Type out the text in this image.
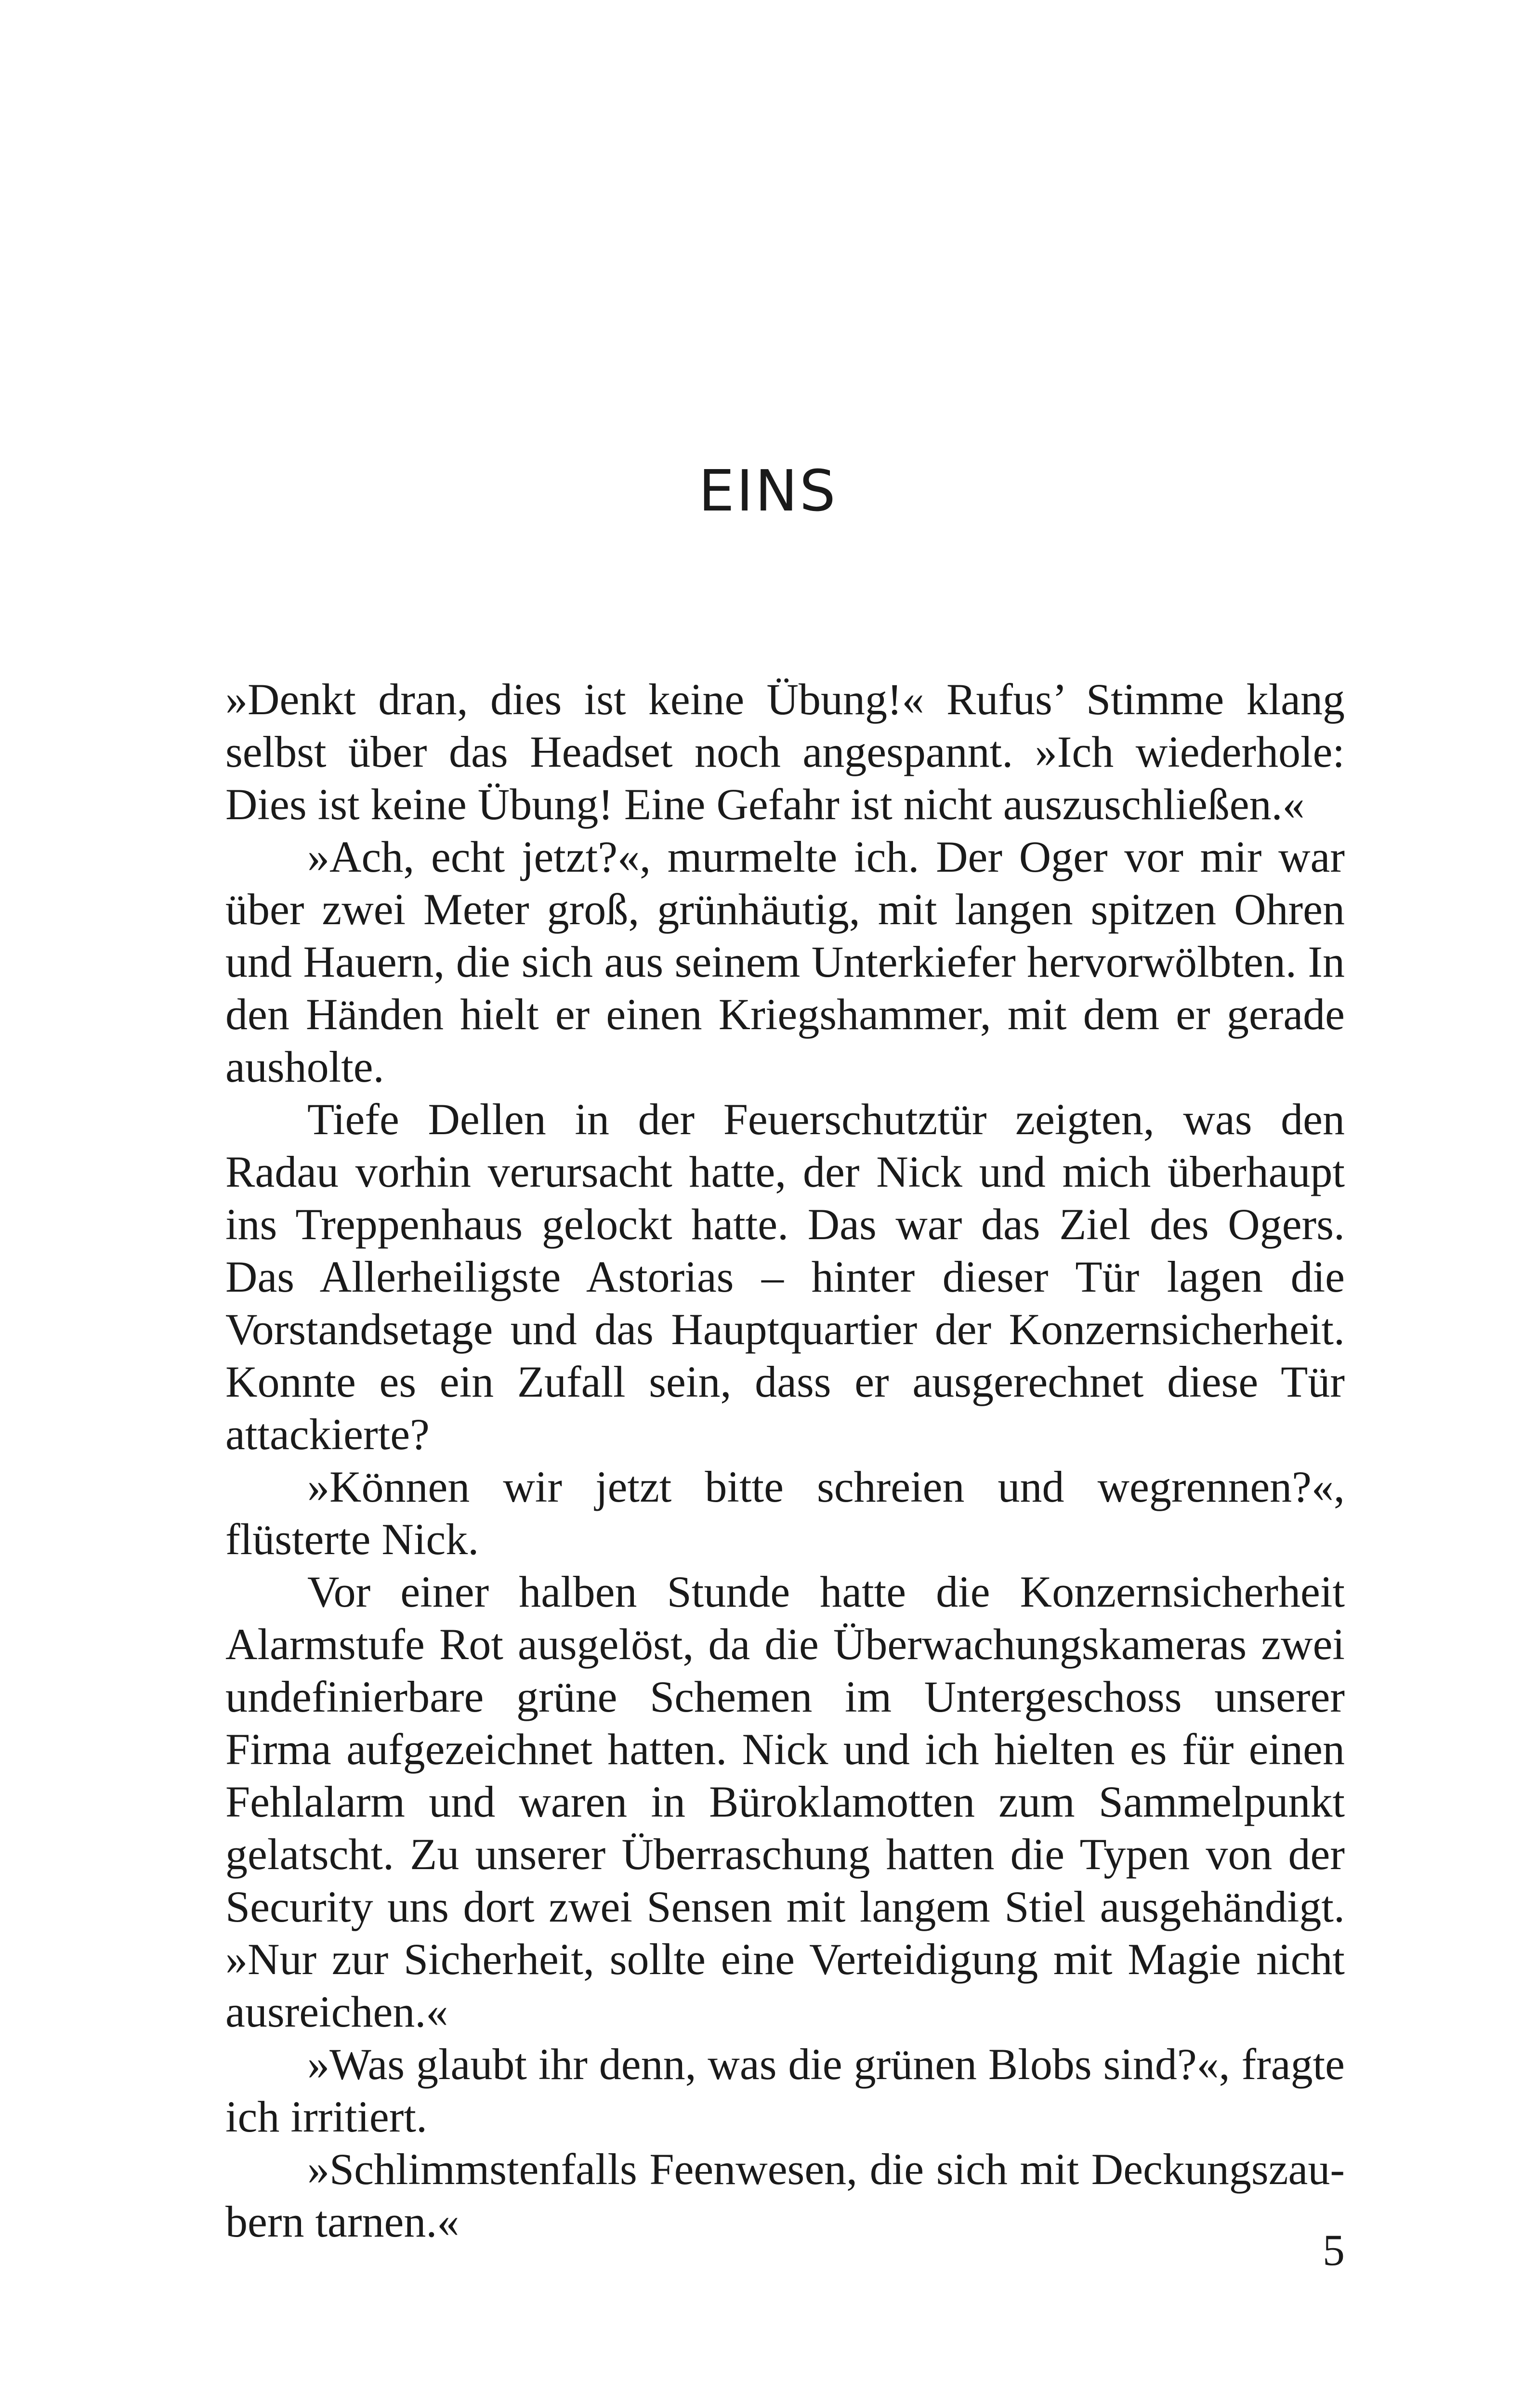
EINS

»Denkt dran, dies ist keine Übung!« Rufus’ Stimme klang selbst über das Headset noch angespannt. »Ich wiederhole: Dies ist keine Übung! Eine Gefahr ist nicht auszuschließen.«

»Ach, echt jetzt?«, murmelte ich. Der Oger vor mir war über zwei Meter groß, grünhäutig, mit langen spitzen Ohren und Hauern, die sich aus seinem Unterkiefer hervorwölbten. In den Händen hielt er einen Kriegshammer, mit dem er gerade ausholte.

Tiefe Dellen in der Feuerschutztür zeigten, was den Radau vorhin verursacht hatte, der Nick und mich überhaupt ins Treppenhaus gelockt hatte. Das war das Ziel des Ogers. Das Allerheiligste Astorias – hinter dieser Tür lagen die Vorstandsetage und das Hauptquartier der Konzernsicherheit. Konnte es ein Zufall sein, dass er ausgerechnet diese Tür attackierte?

»Können wir jetzt bitte schreien und wegrennen?«, flüsterte Nick.

Vor einer halben Stunde hatte die Konzernsicherheit Alarmstufe Rot ausgelöst, da die Überwachungskameras zwei undefinierbare grüne Schemen im Untergeschoss unserer Firma aufgezeichnet hatten. Nick und ich hielten es für einen Fehlalarm und waren in Büroklamotten zum Sammelpunkt gelatscht. Zu unserer Überraschung hatten die Typen von der Security uns dort zwei Sensen mit langem Stiel ausgehändigt. »Nur zur Sicherheit, sollte eine Verteidigung mit Magie nicht ausreichen.«

»Was glaubt ihr denn, was die grünen Blobs sind?«, fragte ich irritiert.

»Schlimmstenfalls Feenwesen, die sich mit Deckungszaubern tarnen.«

5
